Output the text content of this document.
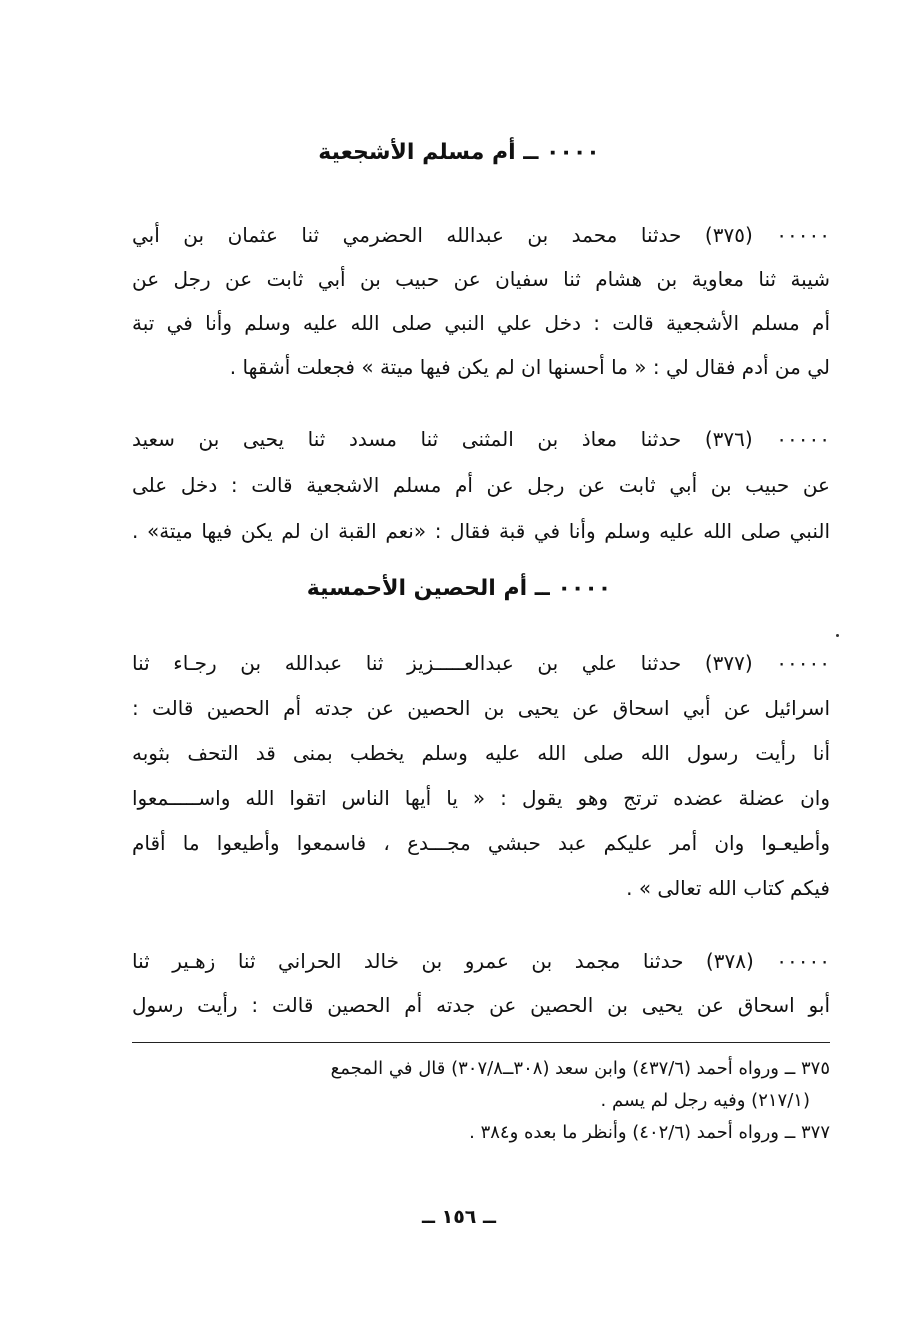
٠٠٠٠ ــ أم مسلم الأشجعية
٠٠٠٠٠ (٣٧٥) حدثنا محمد بن عبدالله الحضرمي ثنا عثمان بن أبي
شيبة ثنا معاوية بن هشام ثنا سفيان عن حبيب بن أبي ثابت عن رجل عن
أم مسلم الأشجعية قالت : دخل علي النبي صلى الله عليه وسلم وأنا في تبة
لي من أدم فقال لي : « ما أحسنها ان لم يكن فيها ميتة » فجعلت أشقها .
٠٠٠٠٠ (٣٧٦) حدثنا معاذ بن المثنى ثنا مسدد ثنا يحيى بن سعيد
عن حبيب بن أبي ثابت عن رجل عن أم مسلم الاشجعية قالت : دخل على
النبي صلى الله عليه وسلم وأنا في قبة فقال : «نعم القبة ان لم يكن فيها ميتة» .
٠٠٠٠ ــ أم الحصين الأحمسية
٠٠٠٠٠ (٣٧٧) حدثنا علي بن عبدالعـــــزيز ثنا عبدالله بن رجـاء ثنا
اسرائيل عن أبي اسحاق عن يحيى بن الحصين عن جدته أم الحصين قالت :
أنا رأيت رسول الله صلى الله عليه وسلم يخطب بمنى قد التحف بثوبه
وان عضلة عضده ترتج وهو يقول : « يا أيها الناس اتقوا الله واســـــمعوا
وأطيعـوا وان أمر عليكم عبد حبشي مجـــدع ، فاسمعوا وأطيعوا ما أقام
فيكم كتاب الله تعالى » .
٠٠٠٠٠ (٣٧٨) حدثنا مجمد بن عمرو بن خالد الحراني ثنا زهـير ثنا
أبو اسحاق عن يحيى بن الحصين عن جدته أم الحصين قالت : رأيت رسول
٣٧٥ ــ ورواه أحمد (٤٣٧/٦) وابن سعد (٣٠٨ــ٣٠٧/٨) قال في المجمع
(٢١٧/١) وفيه رجل لم يسم .
٣٧٧ ــ ورواه أحمد (٤٠٢/٦) وأنظر ما بعده و٣٨٤ .
ــ ١٥٦ ــ
